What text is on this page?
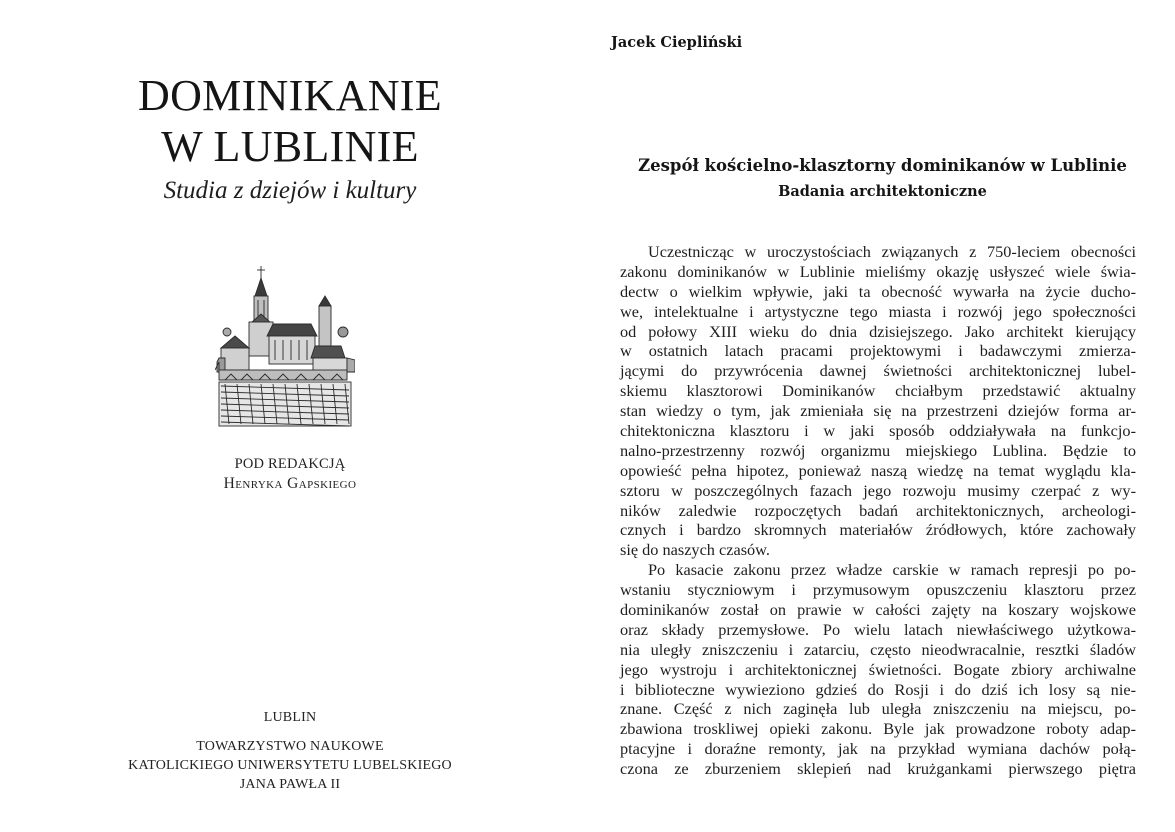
DOMINIKANIE
W LUBLINIE
Studia z dziejów i kultury
POD REDAKCJĄ
Henryka Gapskiego
LUBLIN
TOWARZYSTWO NAUKOWE
KATOLICKIEGO UNIWERSYTETU LUBELSKIEGO
JANA PAWŁA II
Jacek Ciepliński
Zespół kościelno-klasztorny dominikanów w Lublinie
Badania architektoniczne
Uczestnicząc w uroczystościach związanych z 750-leciem obecności
zakonu dominikanów w Lublinie mieliśmy okazję usłyszeć wiele świa-
dectw o wielkim wpływie, jaki ta obecność wywarła na życie ducho-
we, intelektualne i artystyczne tego miasta i rozwój jego społeczności
od połowy XIII wieku do dnia dzisiejszego. Jako architekt kierujący
w ostatnich latach pracami projektowymi i badawczymi zmierza-
jącymi do przywrócenia dawnej świetności architektonicznej lubel-
skiemu klasztorowi Dominikanów chciałbym przedstawić aktualny
stan wiedzy o tym, jak zmieniała się na przestrzeni dziejów forma ar-
chitektoniczna klasztoru i w jaki sposób oddziaływała na funkcjo-
nalno-przestrzenny rozwój organizmu miejskiego Lublina. Będzie to
opowieść pełna hipotez, ponieważ naszą wiedzę na temat wyglądu kla-
sztoru w poszczególnych fazach jego rozwoju musimy czerpać z wy-
ników zaledwie rozpoczętych badań architektonicznych, archeologi-
cznych i bardzo skromnych materiałów źródłowych, które zachowały
się do naszych czasów.
Po kasacie zakonu przez władze carskie w ramach represji po po-
wstaniu styczniowym i przymusowym opuszczeniu klasztoru przez
dominikanów został on prawie w całości zajęty na koszary wojskowe
oraz składy przemysłowe. Po wielu latach niewłaściwego użytkowa-
nia uległy zniszczeniu i zatarciu, często nieodwracalnie, resztki śladów
jego wystroju i architektonicznej świetności. Bogate zbiory archiwalne
i biblioteczne wywieziono gdzieś do Rosji i do dziś ich losy są nie-
znane. Część z nich zaginęła lub uległa zniszczeniu na miejscu, po-
zbawiona troskliwej opieki zakonu. Byle jak prowadzone roboty adap-
ptacyjne i doraźne remonty, jak na przykład wymiana dachów połą-
czona ze zburzeniem sklepień nad krużgankami pierwszego piętra
